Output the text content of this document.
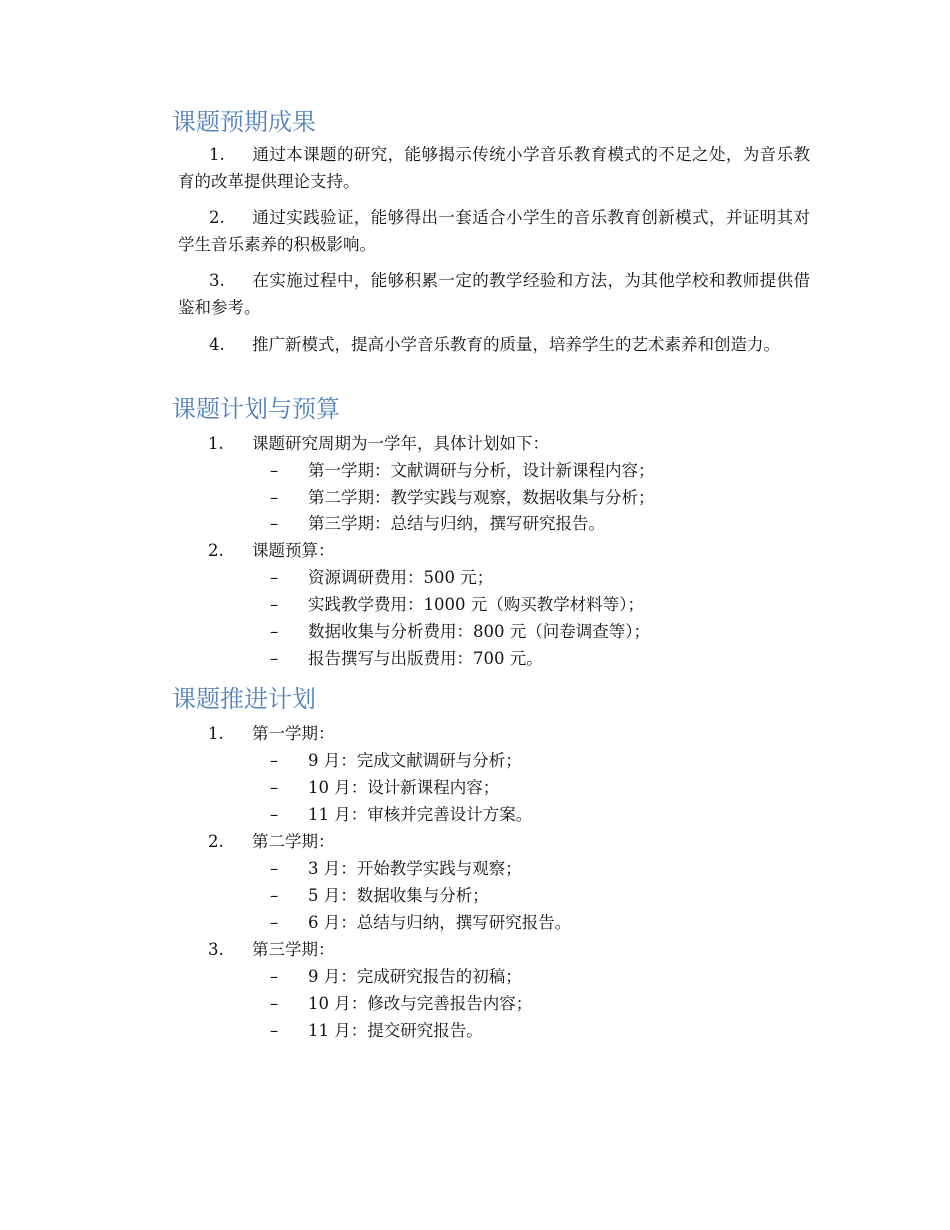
课题预期成果

1. 通过本课题的研究，能够揭示传统小学音乐教育模式的不足之处，为音乐教育的改革提供理论支持。

2. 通过实践验证，能够得出一套适合小学生的音乐教育创新模式，并证明其对学生音乐素养的积极影响。

3. 在实施过程中，能够积累一定的教学经验和方法，为其他学校和教师提供借鉴和参考。

4. 推广新模式，提高小学音乐教育的质量，培养学生的艺术素养和创造力。

课题计划与预算
1. 课题研究周期为一学年，具体计划如下：
– 第一学期：文献调研与分析，设计新课程内容；
– 第二学期：教学实践与观察，数据收集与分析；
– 第三学期：总结与归纳，撰写研究报告。
2. 课题预算：
– 资源调研费用：500 元；
– 实践教学费用：1000 元（购买教学材料等）；
– 数据收集与分析费用：800 元（问卷调查等）；
– 报告撰写与出版费用：700 元。
课题推进计划
1. 第一学期：
– 9 月：完成文献调研与分析；
– 10 月：设计新课程内容；
– 11 月：审核并完善设计方案。
2. 第二学期：
– 3 月：开始教学实践与观察；
– 5 月：数据收集与分析；
– 6 月：总结与归纳，撰写研究报告。
3. 第三学期：
– 9 月：完成研究报告的初稿；
– 10 月：修改与完善报告内容；
– 11 月：提交研究报告。
